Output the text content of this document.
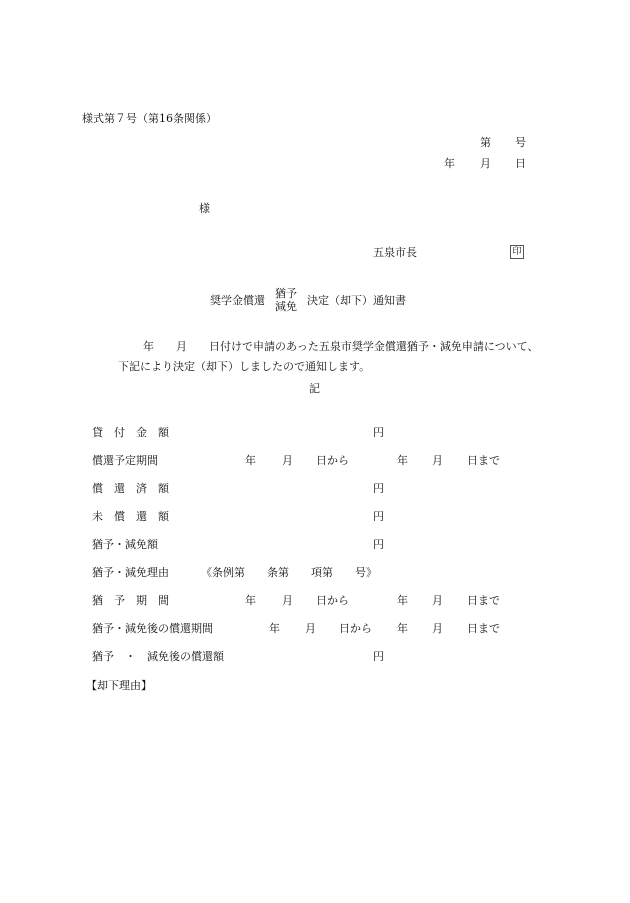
様式第７号（第16条関係）
第 号
年 月 日
様
五泉市長	印
奨学金償還 猶予
減免 決定（却下）通知書
年 月 日付けで申請のあった五泉市奨学金償還猶予・減免申請について、
下記により決定（却下）しましたので通知します。
記
貸　付　金　額	円
償還予定期間	年 月 日から	年 月 日まで
償　還　済　額	円
未　償　還　額	円
猶予・減免額	円
猶予・減免理由	《条例第　　条第　　項第　　号》
猶　予　期　間	年 月 日から	年 月 日まで
猶予・減免後の償還期間	年 月 日から 年 月 日まで
猶予　・　減免後の償還額	円
【却下理由】
